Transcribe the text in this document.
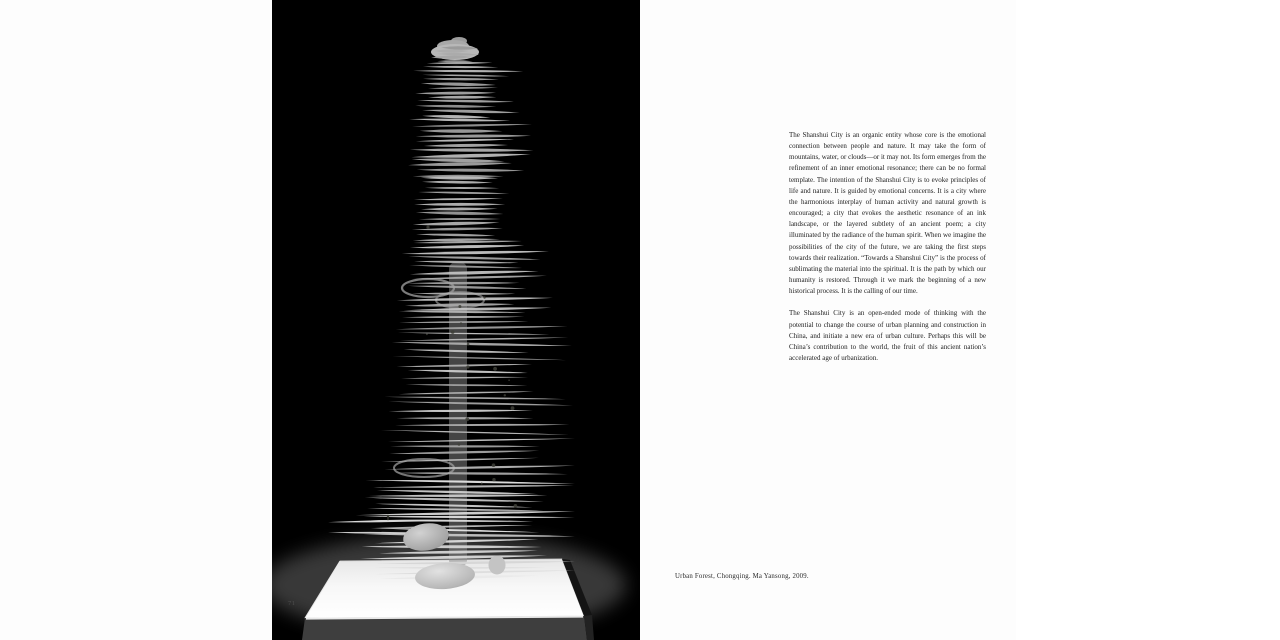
71

The Shanshui City is an organic entity whose core is the emotional connection between people and nature. It may take the form of mountains, water, or clouds—or it may not. Its form emerges from the refinement of an inner emotional resonance; there can be no formal template. The intention of the Shanshui City is to evoke principles of life and nature. It is guided by emotional concerns. It is a city where the harmonious interplay of human activity and natural growth is encouraged; a city that evokes the aesthetic resonance of an ink landscape, or the layered subtlety of an ancient poem; a city illuminated by the radiance of the human spirit. When we imagine the possibilities of the city of the future, we are taking the first steps towards their realization. “Towards a Shanshui City” is the process of sublimating the material into the spiritual. It is the path by which our humanity is restored. Through it we mark the beginning of a new historical process. It is the calling of our time.

The Shanshui City is an open-ended mode of thinking with the potential to change the course of urban planning and construction in China, and initiate a new era of urban culture. Perhaps this will be China’s contribution to the world, the fruit of this ancient nation’s accelerated age of urbanization.

Urban Forest, Chongqing. Ma Yansong, 2009.
